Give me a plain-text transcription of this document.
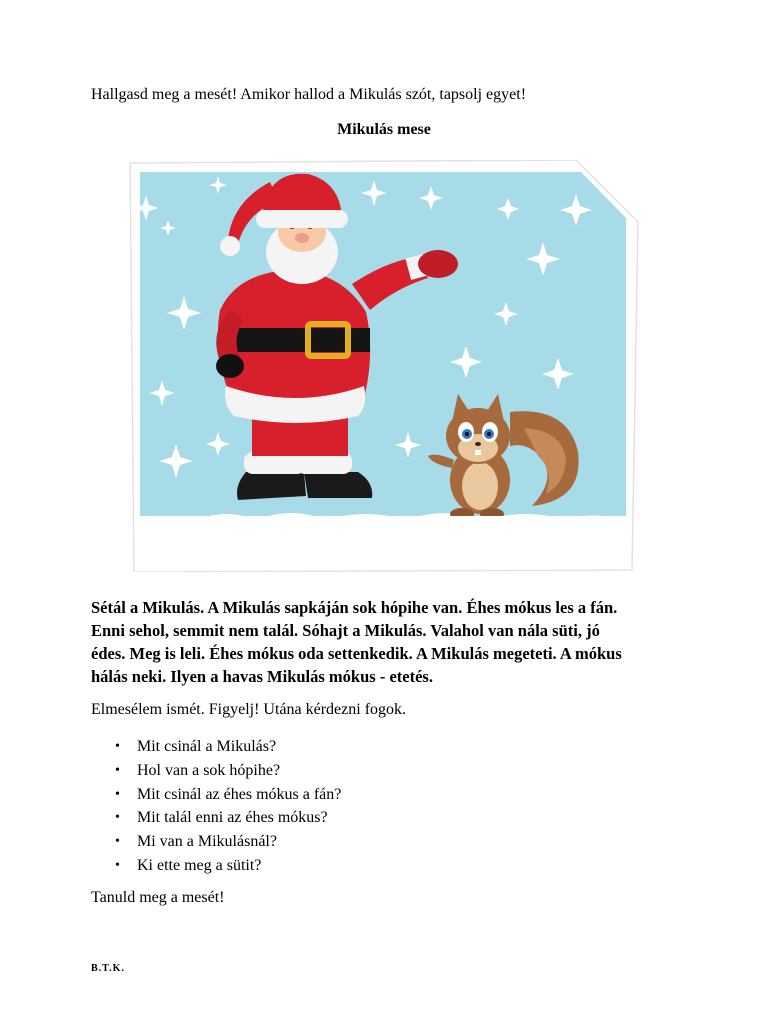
Hallgasd meg a mesét! Amikor hallod a Mikulás szót, tapsolj egyet!
Mikulás mese
Sétál a Mikulás. A Mikulás sapkáján sok hópihe van. Éhes mókus les a fán.
Enni sehol, semmit nem talál. Sóhajt a Mikulás. Valahol van nála süti, jó
édes. Meg is leli. Éhes mókus oda settenkedik. A Mikulás megeteti. A mókus
hálás neki. Ilyen a havas Mikulás mókus - etetés.
Elmesélem ismét. Figyelj! Utána kérdezni fogok.
• Mit csinál a Mikulás?
• Hol van a sok hópihe?
• Mit csinál az éhes mókus a fán?
• Mit talál enni az éhes mókus?
• Mi van a Mikulásnál?
• Ki ette meg a sütit?
Tanuld meg a mesét!
B.T.K.
